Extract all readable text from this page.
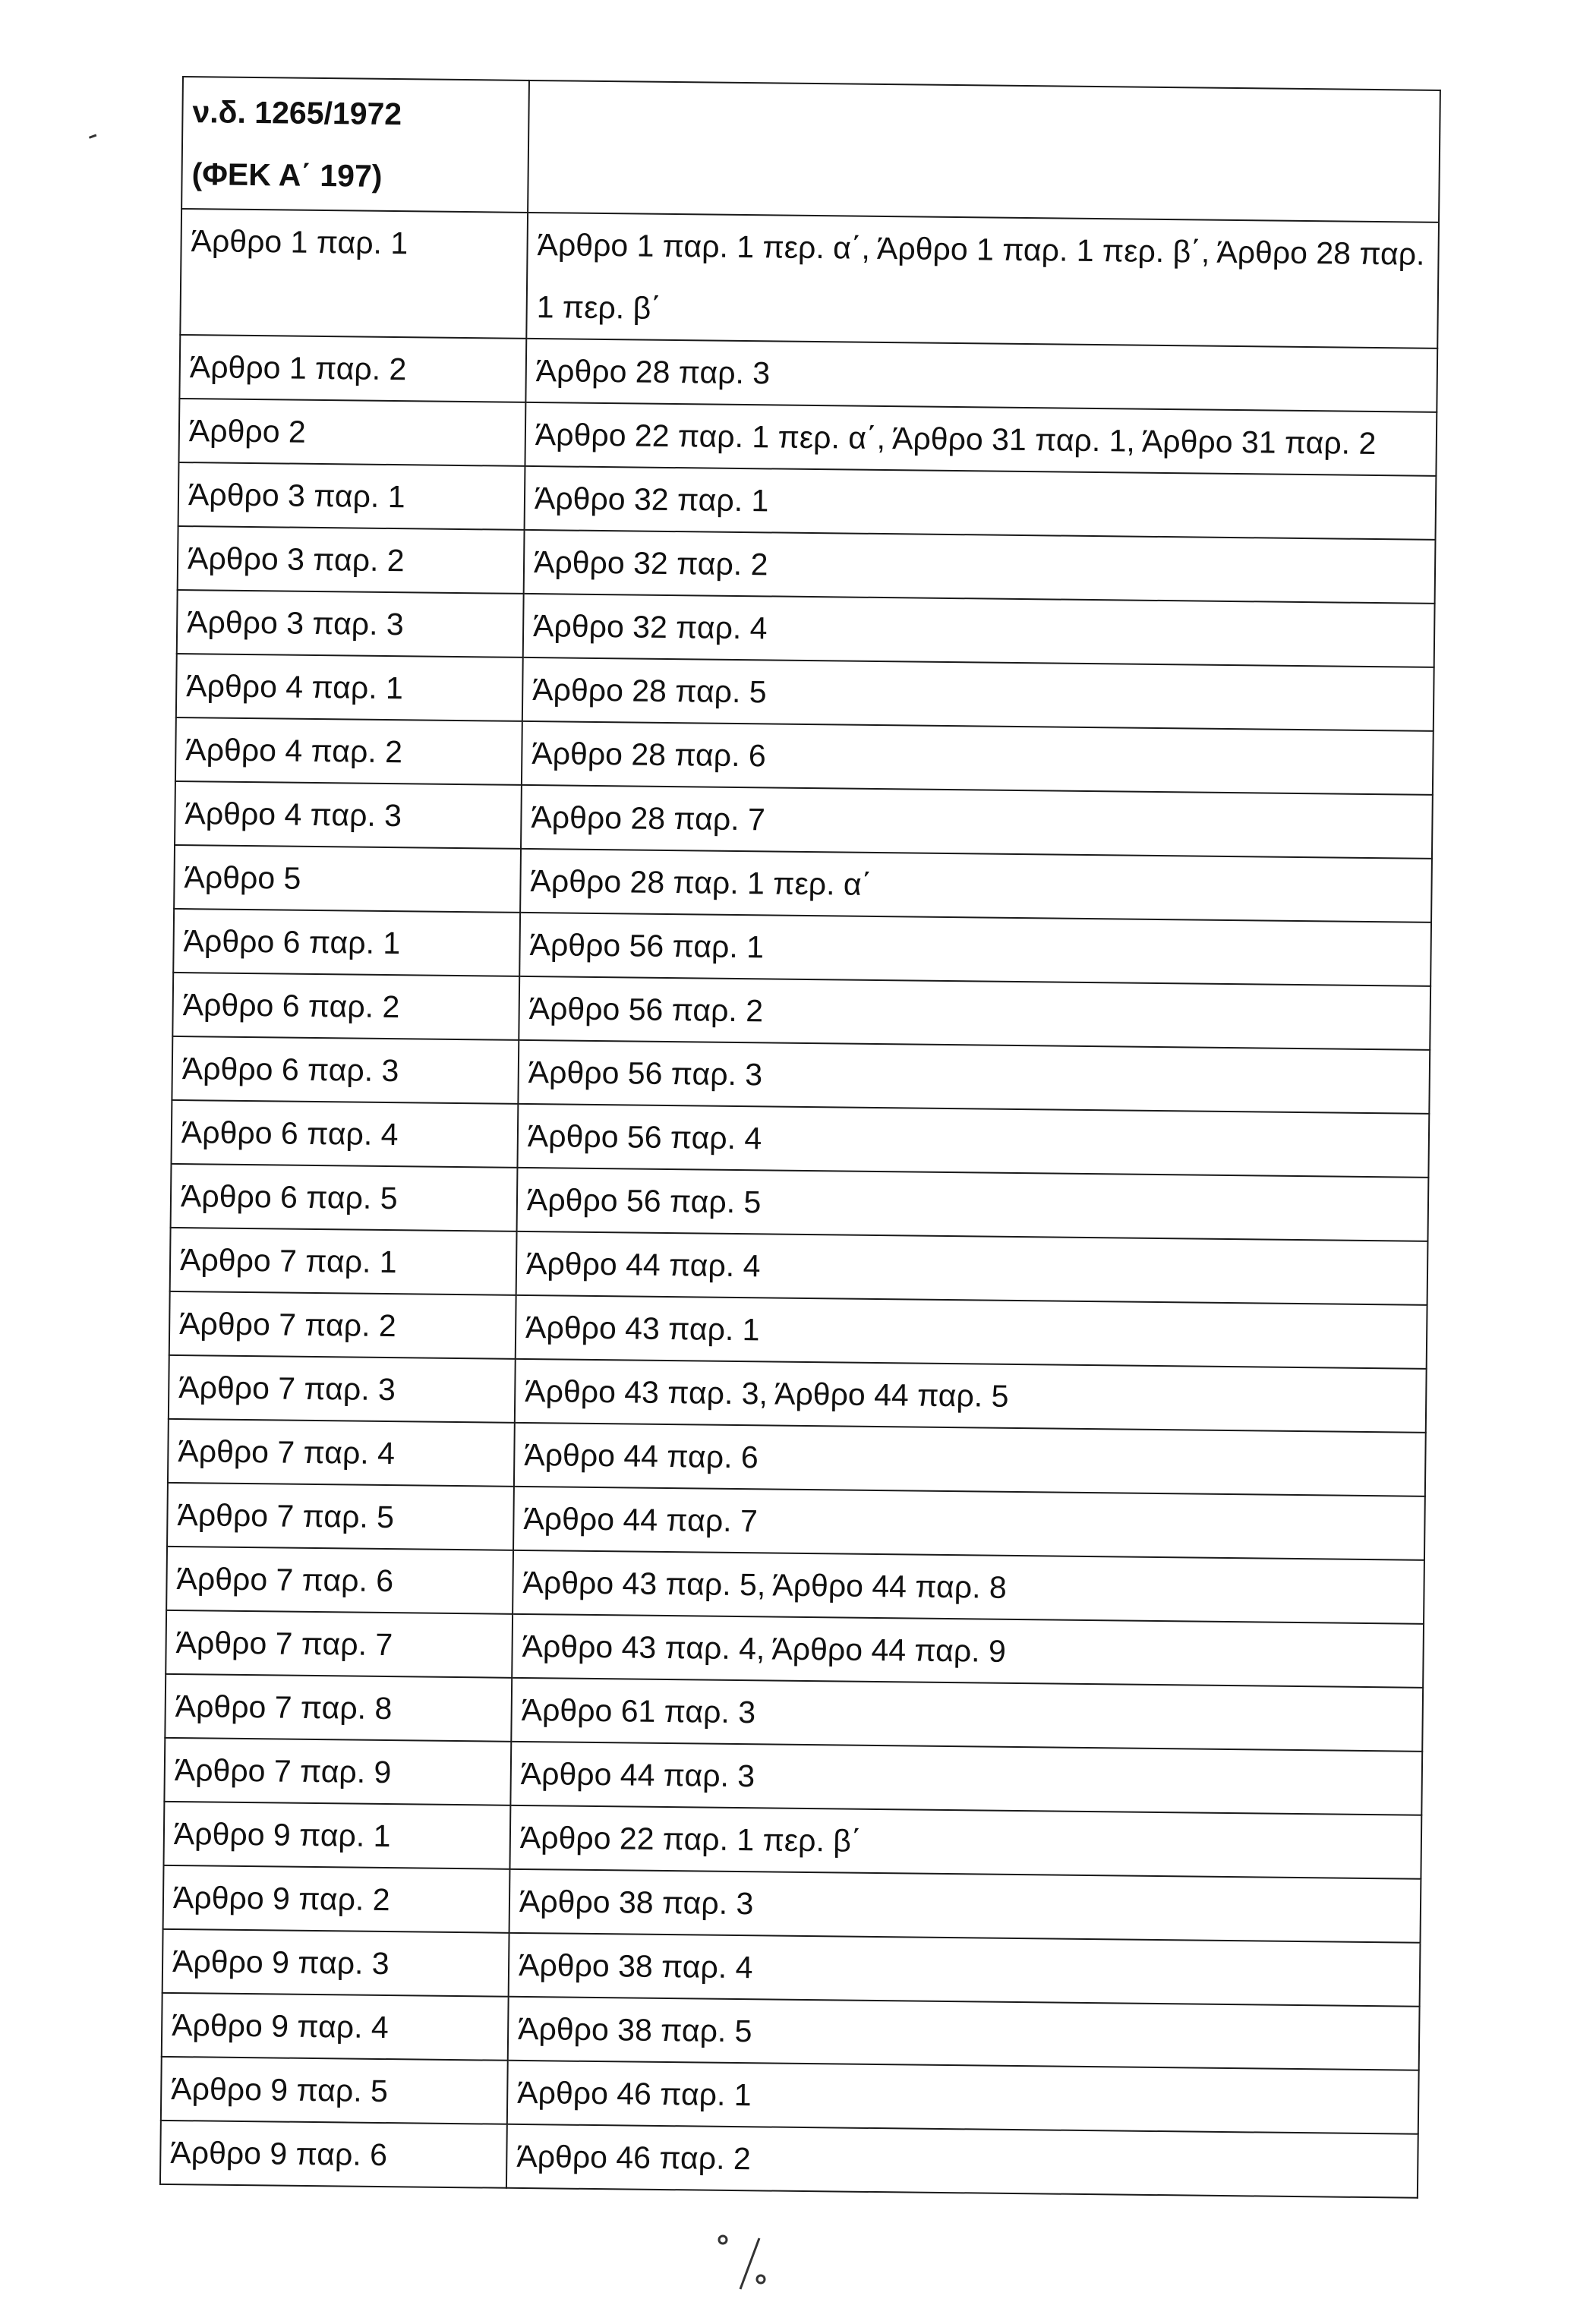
ν.δ. 1265/1972
(ΦΕΚ Α΄ 197)	

Άρθρο 1 παρ. 1	Άρθρο 1 παρ. 1 περ. α΄, Άρθρο 1 παρ. 1 περ. β΄, Άρθρο 28 παρ. 1 περ. β΄
Άρθρο 1 παρ. 2	Άρθρο 28 παρ. 3
Άρθρο 2	Άρθρο 22 παρ. 1 περ. α΄, Άρθρο 31 παρ. 1, Άρθρο 31 παρ. 2
Άρθρο 3 παρ. 1	Άρθρο 32 παρ. 1
Άρθρο 3 παρ. 2	Άρθρο 32 παρ. 2
Άρθρο 3 παρ. 3	Άρθρο 32 παρ. 4
Άρθρο 4 παρ. 1	Άρθρο 28 παρ. 5
Άρθρο 4 παρ. 2	Άρθρο 28 παρ. 6
Άρθρο 4 παρ. 3	Άρθρο 28 παρ. 7
Άρθρο 5	Άρθρο 28 παρ. 1 περ. α΄
Άρθρο 6 παρ. 1	Άρθρο 56 παρ. 1
Άρθρο 6 παρ. 2	Άρθρο 56 παρ. 2
Άρθρο 6 παρ. 3	Άρθρο 56 παρ. 3
Άρθρο 6 παρ. 4	Άρθρο 56 παρ. 4
Άρθρο 6 παρ. 5	Άρθρο 56 παρ. 5
Άρθρο 7 παρ. 1	Άρθρο 44 παρ. 4
Άρθρο 7 παρ. 2	Άρθρο 43 παρ. 1
Άρθρο 7 παρ. 3	Άρθρο 43 παρ. 3, Άρθρο 44 παρ. 5
Άρθρο 7 παρ. 4	Άρθρο 44 παρ. 6
Άρθρο 7 παρ. 5	Άρθρο 44 παρ. 7
Άρθρο 7 παρ. 6	Άρθρο 43 παρ. 5, Άρθρο 44 παρ. 8
Άρθρο 7 παρ. 7	Άρθρο 43 παρ. 4, Άρθρο 44 παρ. 9
Άρθρο 7 παρ. 8	Άρθρο 61 παρ. 3
Άρθρο 7 παρ. 9	Άρθρο 44 παρ. 3
Άρθρο 9 παρ. 1	Άρθρο 22 παρ. 1 περ. β΄
Άρθρο 9 παρ. 2	Άρθρο 38 παρ. 3
Άρθρο 9 παρ. 3	Άρθρο 38 παρ. 4
Άρθρο 9 παρ. 4	Άρθρο 38 παρ. 5
Άρθρο 9 παρ. 5	Άρθρο 46 παρ. 1
Άρθρο 9 παρ. 6	Άρθρο 46 παρ. 2
